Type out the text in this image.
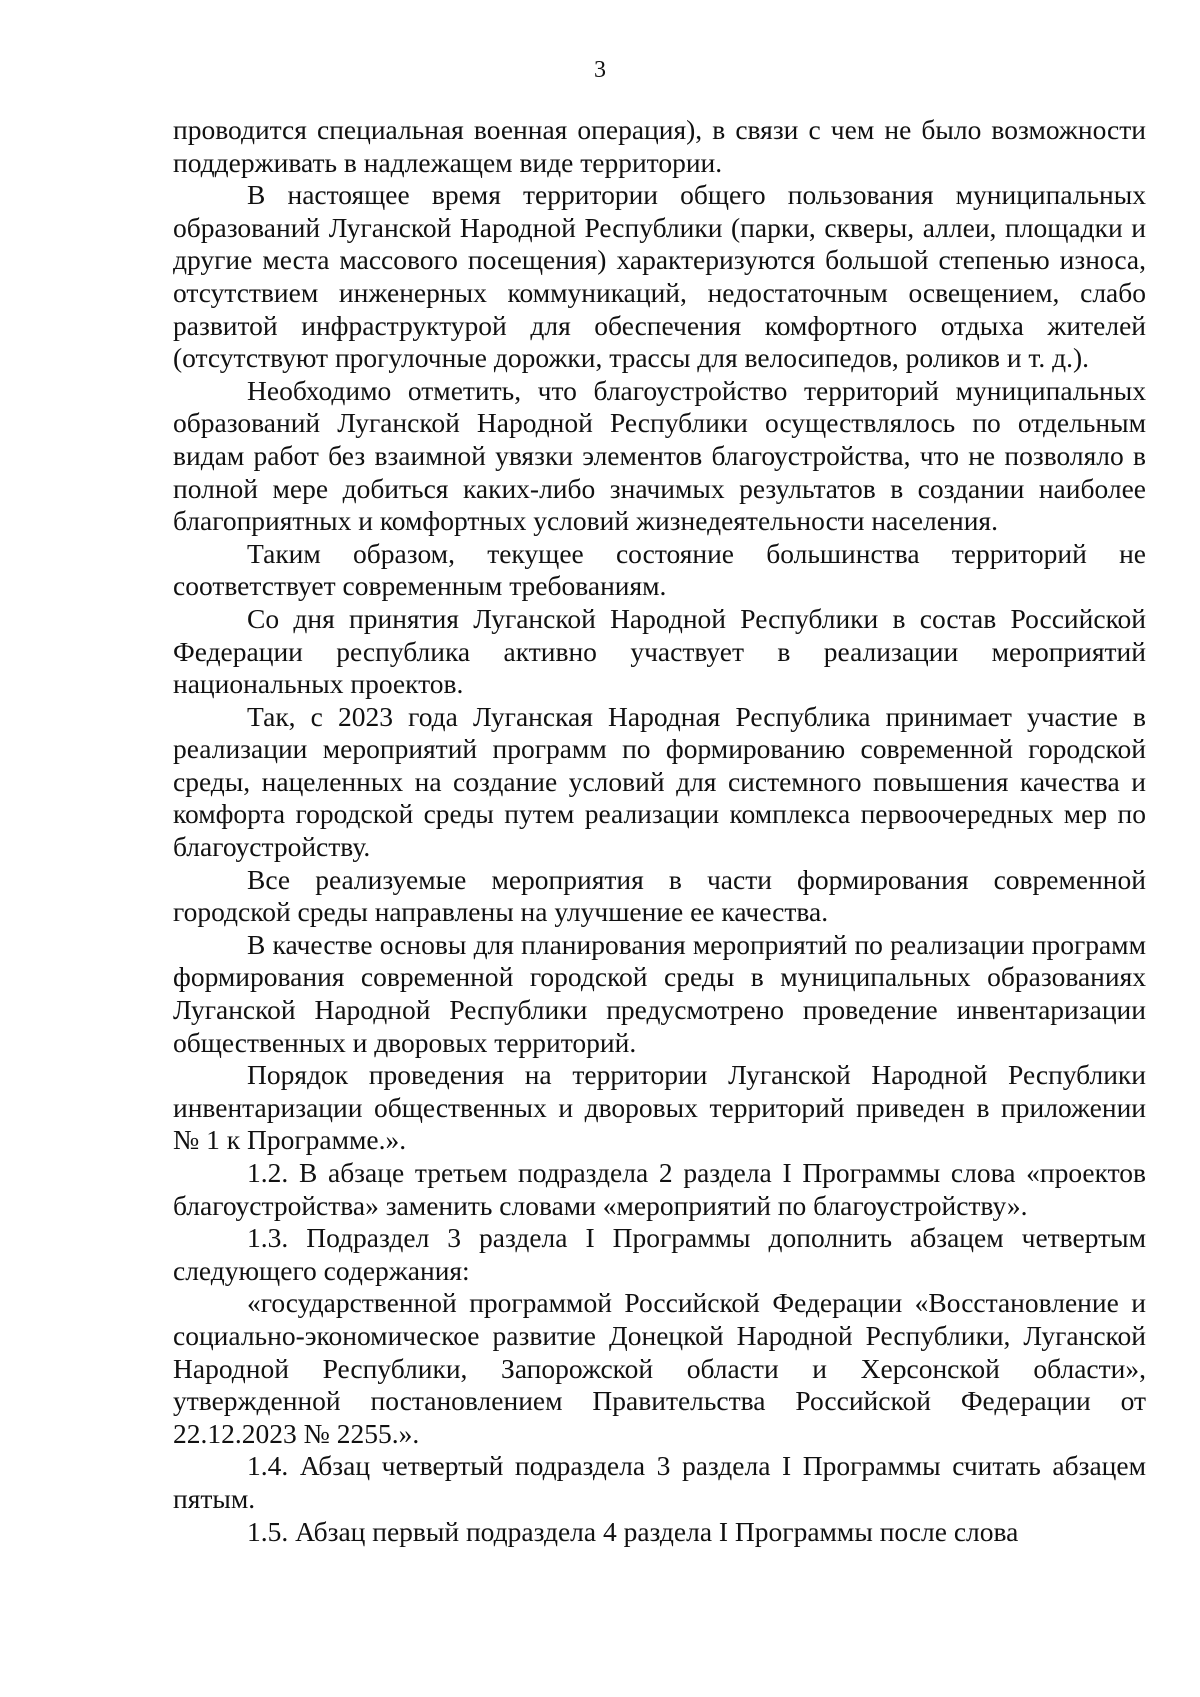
3

проводится специальная военная операция), в связи с чем не было возможности поддерживать в надлежащем виде территории.

В настоящее время территории общего пользования муниципальных образований Луганской Народной Республики (парки, скверы, аллеи, площадки и другие места массового посещения) характеризуются большой степенью износа, отсутствием инженерных коммуникаций, недостаточным освещением, слабо развитой инфраструктурой для обеспечения комфортного отдыха жителей (отсутствуют прогулочные дорожки, трассы для велосипедов, роликов и т. д.).

Необходимо отметить, что благоустройство территорий муниципальных образований Луганской Народной Республики осуществлялось по отдельным видам работ без взаимной увязки элементов благоустройства, что не позволяло в полной мере добиться каких-либо значимых результатов в создании наиболее благоприятных и комфортных условий жизнедеятельности населения.

Таким образом, текущее состояние большинства территорий не соответствует современным требованиям.

Со дня принятия Луганской Народной Республики в состав Российской Федерации республика активно участвует в реализации мероприятий национальных проектов.

Так, с 2023 года Луганская Народная Республика принимает участие в реализации мероприятий программ по формированию современной городской среды, нацеленных на создание условий для системного повышения качества и комфорта городской среды путем реализации комплекса первоочередных мер по благоустройству.

Все реализуемые мероприятия в части формирования современной городской среды направлены на улучшение ее качества.

В качестве основы для планирования мероприятий по реализации программ формирования современной городской среды в муниципальных образованиях Луганской Народной Республики предусмотрено проведение инвентаризации общественных и дворовых территорий.

Порядок проведения на территории Луганской Народной Республики инвентаризации общественных и дворовых территорий приведен в приложении № 1 к Программе.».

1.2. В абзаце третьем подраздела 2 раздела I Программы слова «проектов благоустройства» заменить словами «мероприятий по благоустройству».

1.3. Подраздел 3 раздела I Программы дополнить абзацем четвертым следующего содержания:

«государственной программой Российской Федерации «Восстановление и социально-экономическое развитие Донецкой Народной Республики, Луганской Народной Республики, Запорожской области и Херсонской области», утвержденной постановлением Правительства Российской Федерации от 22.12.2023 № 2255.».

1.4. Абзац четвертый подраздела 3 раздела I Программы считать абзацем пятым.

1.5. Абзац первый подраздела 4 раздела I Программы после слова
